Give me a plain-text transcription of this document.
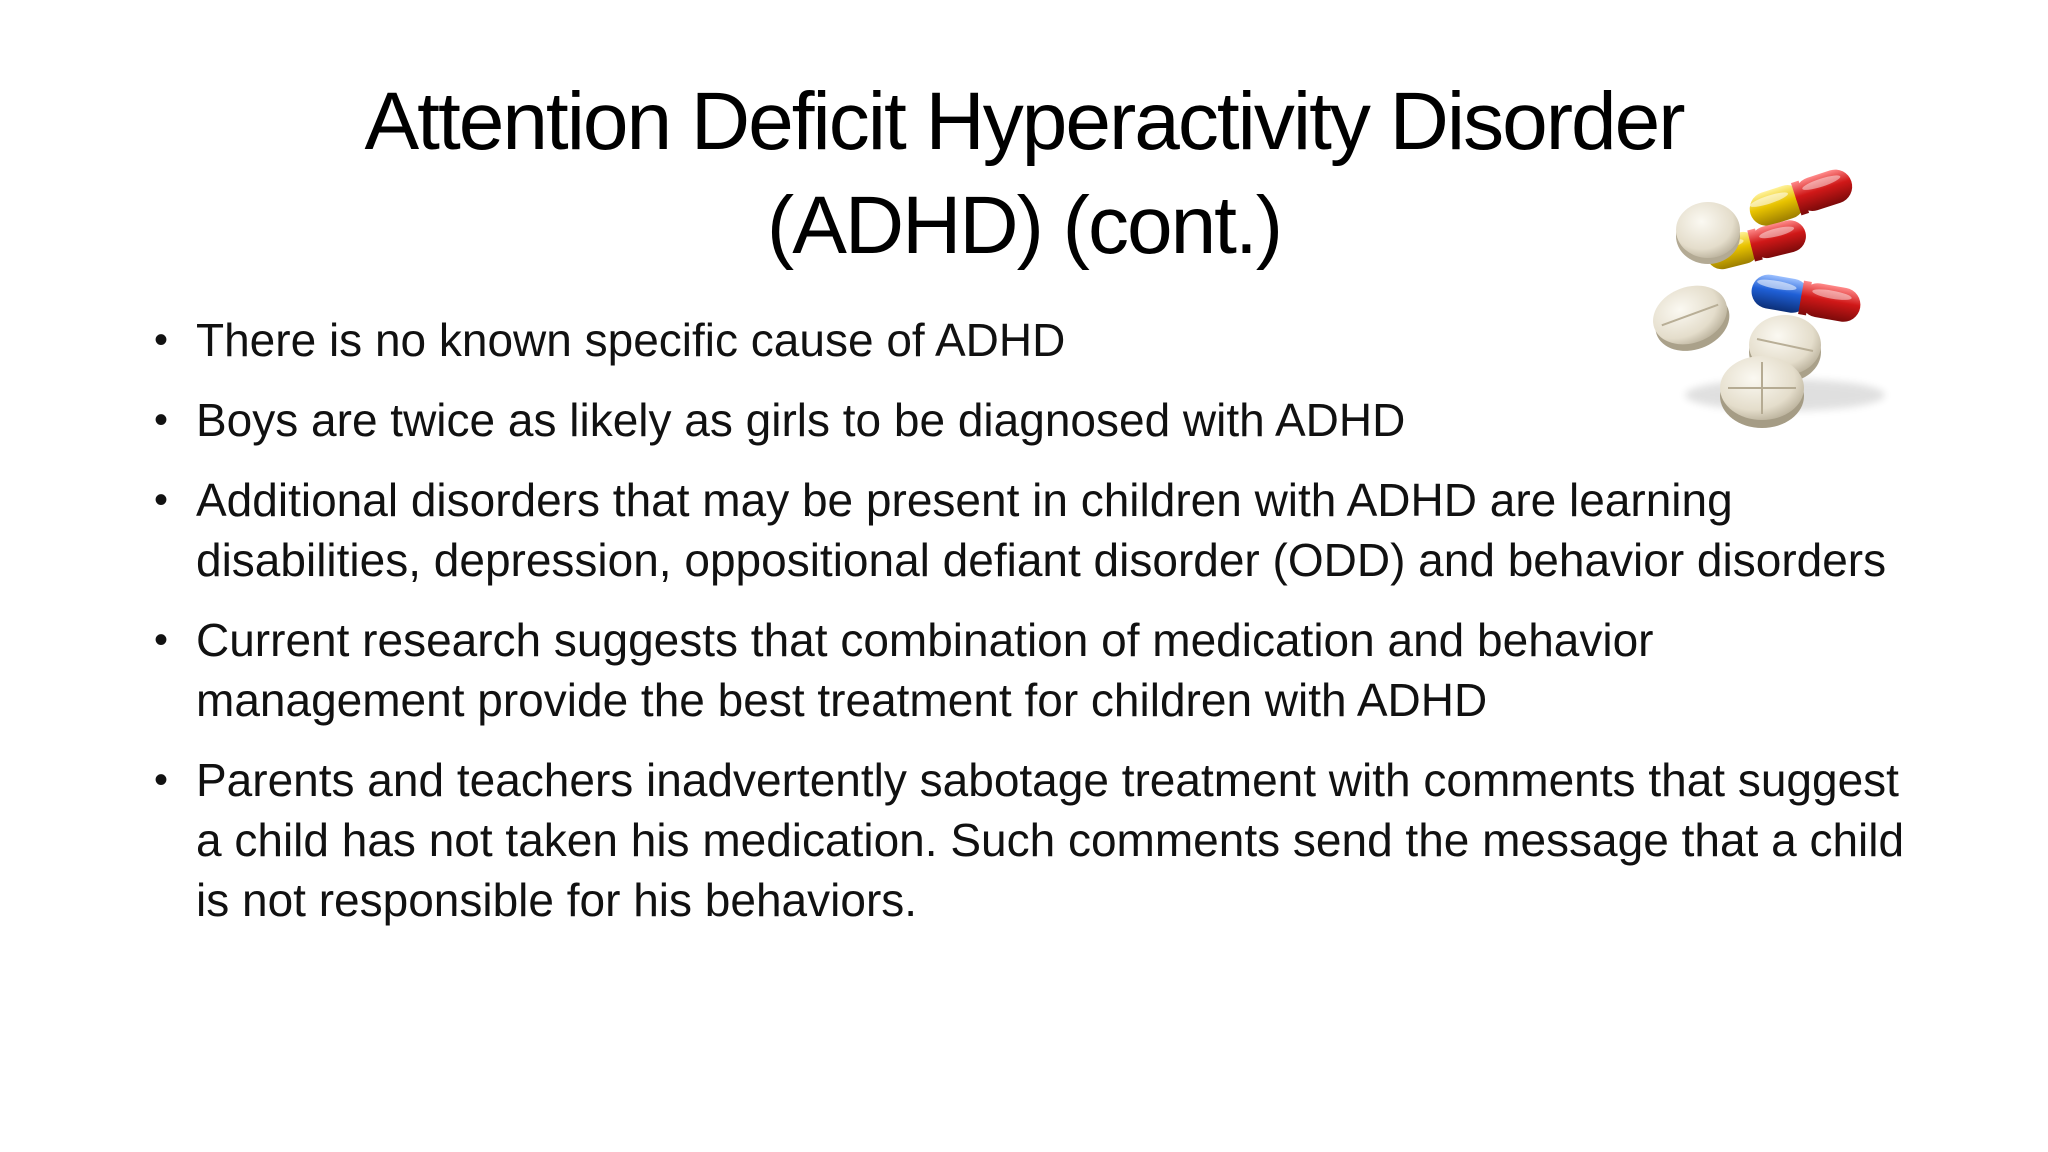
Attention Deficit Hyperactivity Disorder
(ADHD) (cont.)
• There is no known specific cause of ADHD
• Boys are twice as likely as girls to be diagnosed with ADHD
• Additional disorders that may be present in children with ADHD are learning disabilities, depression, oppositional defiant disorder (ODD) and behavior disorders
• Current research suggests that combination of medication and behavior management provide the best treatment for children with ADHD
• Parents and teachers inadvertently sabotage treatment with comments that suggest a child has not taken his medication. Such comments send the message that a child is not responsible for his behaviors.
